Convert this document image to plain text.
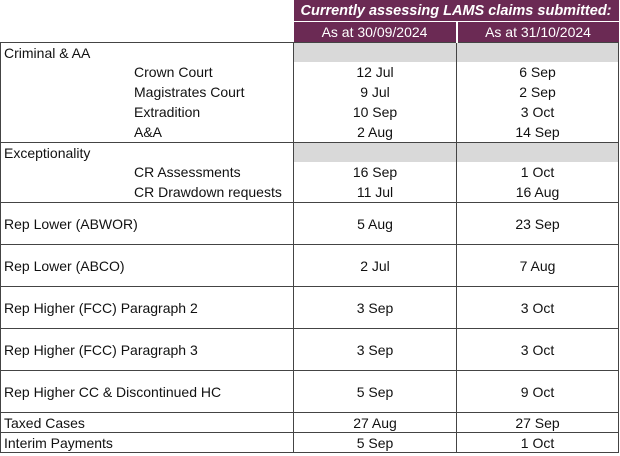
	Currently assessing LAMS claims submitted:	
	As at 30/09/2024	As at 31/10/2024
Criminal & AA		
Crown Court	12 Jul	6 Sep
Magistrates Court	9 Jul	2 Sep
Extradition	10 Sep	3 Oct
A&A	2 Aug	14 Sep
Exceptionality		
CR Assessments	16 Sep	1 Oct
CR Drawdown requests	11 Jul	16 Aug
Rep Lower (ABWOR)	5 Aug	23 Sep
Rep Lower (ABCO)	2 Jul	7 Aug
Rep Higher (FCC) Paragraph 2	3 Sep	3 Oct
Rep Higher (FCC) Paragraph 3	3 Sep	3 Oct
Rep Higher CC & Discontinued HC	5 Sep	9 Oct
Taxed Cases	27 Aug	27 Sep
Interim Payments	5 Sep	1 Oct
